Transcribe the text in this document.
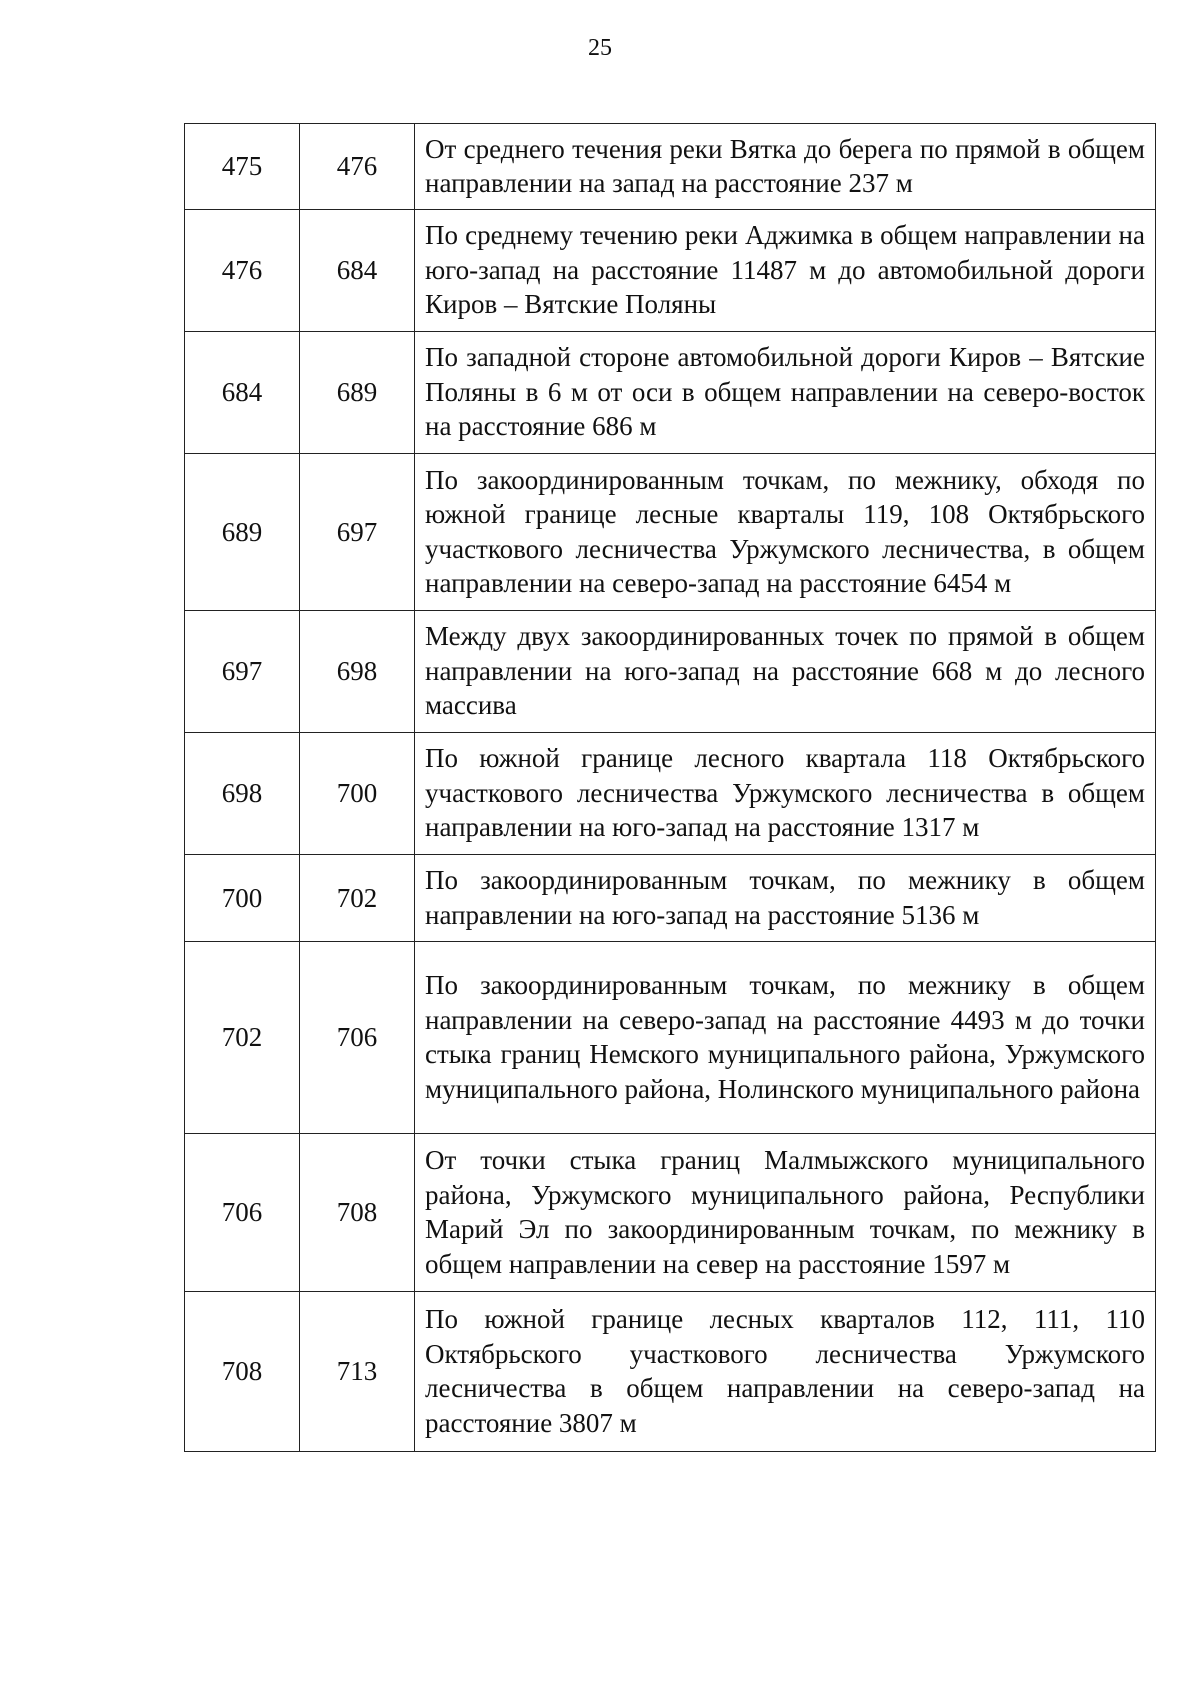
25
475	476	От среднего течения реки Вятка до берега по прямой в общем направлении на запад на расстояние 237 м
476	684	По среднему течению реки Аджимка в общем направлении на юго-запад на расстояние 11487 м до автомобильной дороги Киров – Вятские Поляны
684	689	По западной стороне автомобильной дороги Киров – Вятские Поляны в 6 м от оси в общем направлении на северо-восток на расстояние 686 м
689	697	По закоординированным точкам, по межнику, обходя по южной границе лесные кварталы 119, 108 Октябрьского участкового лесничества Уржумского лесничества, в общем направлении на северо-запад на расстояние 6454 м
697	698	Между двух закоординированных точек по прямой в общем направлении на юго-запад на расстояние 668 м до лесного массива
698	700	По южной границе лесного квартала 118 Октябрьского участкового лесничества Уржумского лесничества в общем направлении на юго-запад на расстояние 1317 м
700	702	По закоординированным точкам, по межнику в общем направлении на юго-запад на расстояние 5136 м
702	706	По закоординированным точкам, по межнику в общем направлении на северо-запад на расстояние 4493 м до точки стыка границ Немского муниципального района, Уржумского муниципального района, Нолинского муниципального района
706	708	От точки стыка границ Малмыжского муниципального района, Уржумского муниципального района, Республики Марий Эл по закоординированным точкам, по межнику в общем направлении на север на расстояние 1597 м
708	713	По южной границе лесных кварталов 112, 111, 110 Октябрьского участкового лесничества Уржумского лесничества в общем направлении на северо-запад на расстояние 3807 м
